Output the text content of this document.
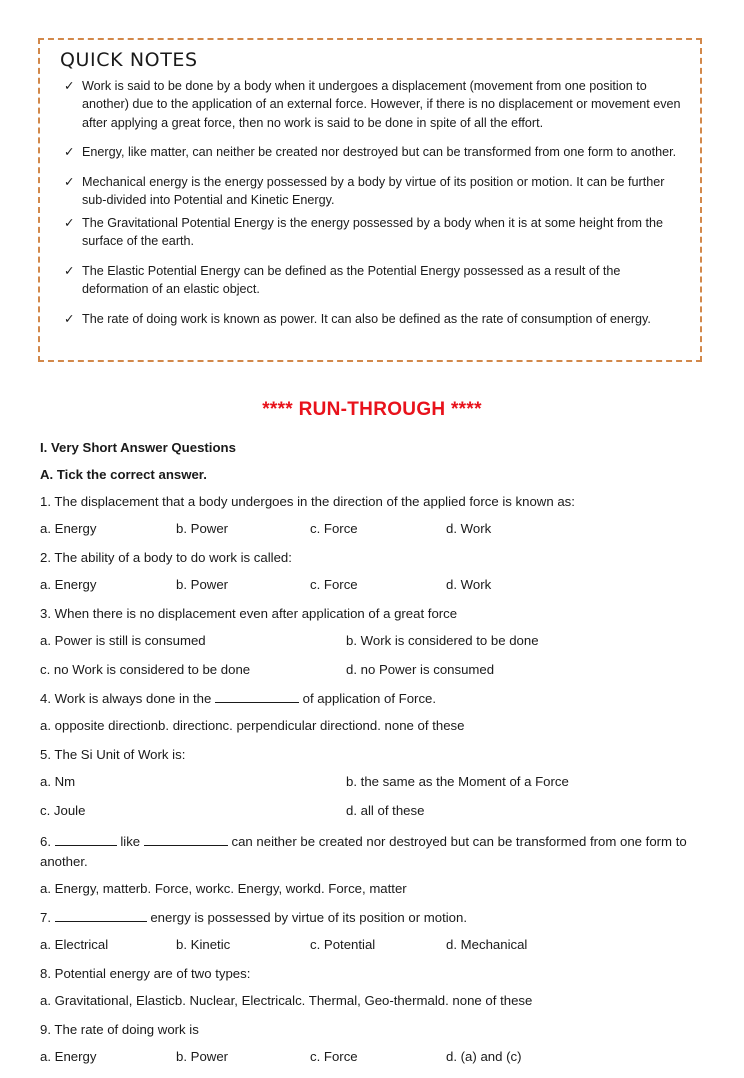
QUICK NOTES
✓ Work is said to be done by a body when it undergoes a displacement (movement from one position to another) due to the application of an external force. However, if there is no displacement or movement even after applying a great force, then no work is said to be done in spite of all the effort.
✓ Energy, like matter, can neither be created nor destroyed but can be transformed from one form to another.
✓ Mechanical energy is the energy possessed by a body by virtue of its position or motion. It can be further sub-divided into Potential and Kinetic Energy.
✓ The Gravitational Potential Energy is the energy possessed by a body when it is at some height from the surface of the earth.
✓ The Elastic Potential Energy can be defined as the Potential Energy possessed as a result of the deformation of an elastic object.
✓ The rate of doing work is known as power. It can also be defined as the rate of consumption of energy.
**** RUN-THROUGH ****
I. Very Short Answer Questions
A. Tick the correct answer.
1. The displacement that a body undergoes in the direction of the applied force is known as:
a. Energy	b. Power	c. Force	d. Work
2. The ability of a body to do work is called:
a. Energy	b. Power	c. Force	d. Work
3. When there is no displacement even after application of a great force
a. Power is still is consumed	b. Work is considered to be done
c. no Work is considered to be done	d. no Power is consumed
4. Work is always done in the	of application of Force.
a. opposite directionb. directionc. perpendicular directiond. none of these
5. The Si Unit of Work is:
a. Nm	b. the same as the Moment of a Force
c. Joule	d. all of these
6.	like	can neither be created nor destroyed but can be transformed from one form to another.
a. Energy, matterb. Force, workc. Energy, workd. Force, matter
7.	energy is possessed by virtue of its position or motion.
a. Electrical	b. Kinetic	c. Potential	d. Mechanical
8. Potential energy are of two types:
a. Gravitational, Elasticb. Nuclear, Electricalc. Thermal, Geo-thermald. none of these
9. The rate of doing work is
a. Energy	b. Power	c. Force	d. (a) and (c)
